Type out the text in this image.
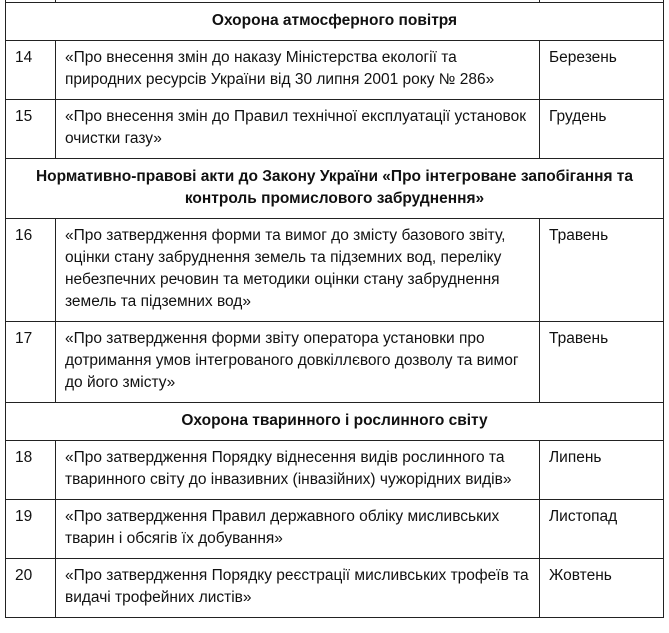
Охорона атмосферного повітря		
14	«Про внесення змін до наказу Міністерства екології та природних ресурсів України від 30 липня 2001 року № 286»	Березень
15	«Про внесення змін до Правил технічної експлуатації установок очистки газу»	Грудень
Нормативно-правові акти до Закону України «Про інтегроване запобігання та контроль промислового забруднення»		
16	«Про затвердження форми та вимог до змісту базового звіту, оцінки стану забруднення земель та підземних вод, переліку небезпечних речовин та методики оцінки стану забруднення земель та підземних вод»	Травень
17	«Про затвердження форми звіту оператора установки про дотримання умов інтегрованого довкіллєвого дозволу та вимог до його змісту»	Травень
Охорона тваринного і рослинного світу		
18	«Про затвердження Порядку віднесення видів рослинного та тваринного світу до інвазивних (інвазійних) чужорідних видів»	Липень
19	«Про затвердження Правил державного обліку мисливських тварин і обсягів їх добування»	Листопад
20	«Про затвердження Порядку реєстрації мисливських трофеїв та видачі трофейних листів»	Жовтень
